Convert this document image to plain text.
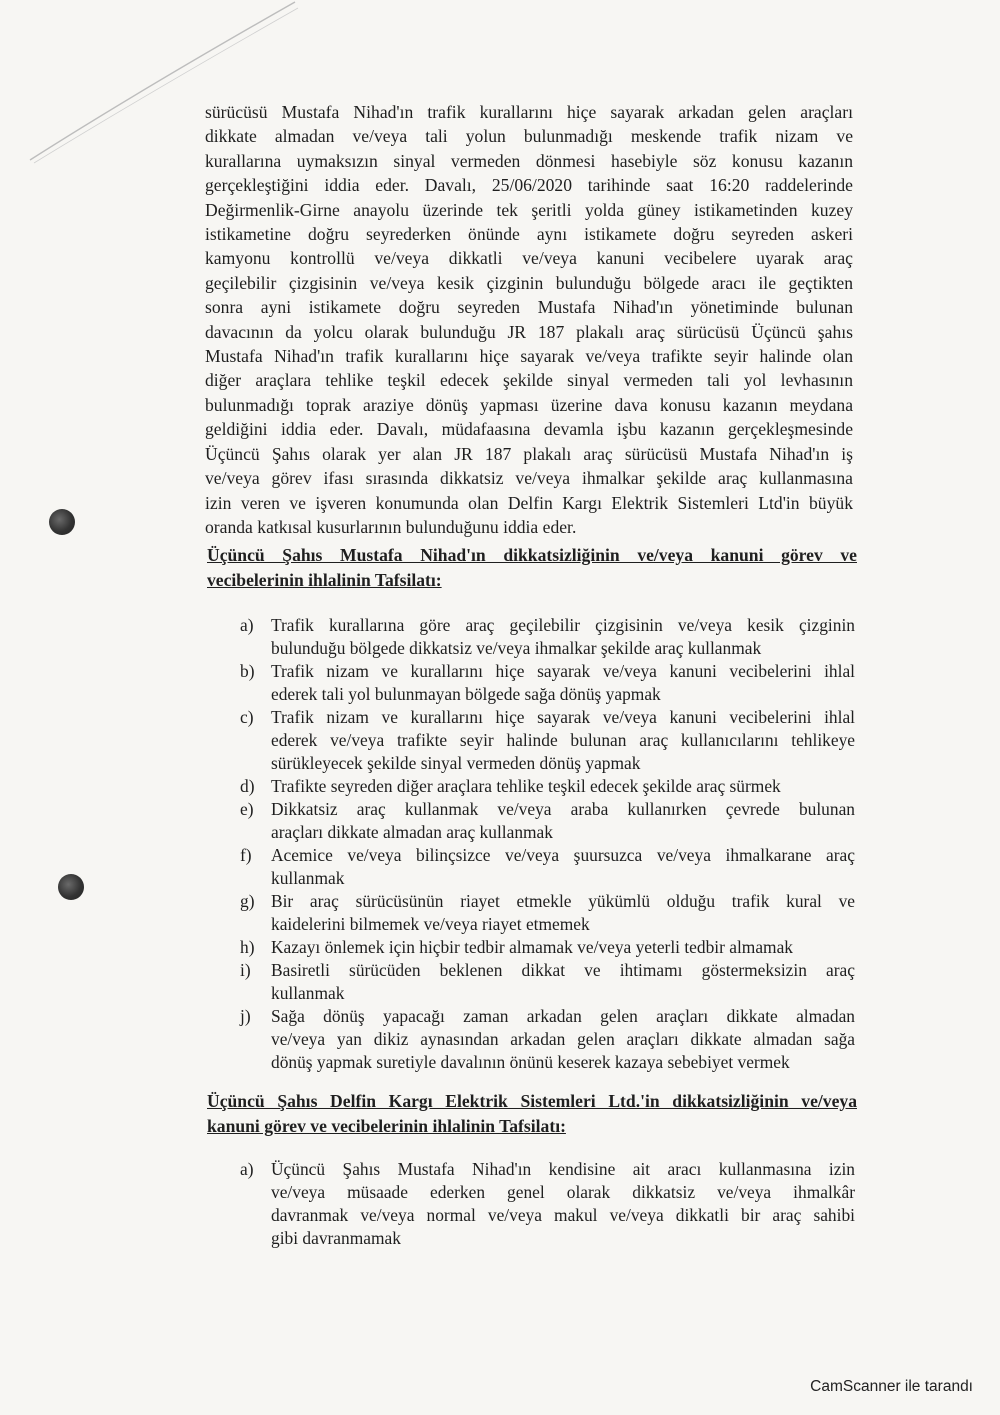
sürücüsü Mustafa Nihad'ın trafik kurallarını hiçe sayarak arkadan gelen araçları
dikkate almadan ve/veya tali yolun bulunmadığı meskende trafik nizam ve
kurallarına uymaksızın sinyal vermeden dönmesi hasebiyle söz konusu kazanın
gerçekleştiğini iddia eder. Davalı, 25/06/2020 tarihinde saat 16:20 raddelerinde
Değirmenlik-Girne anayolu üzerinde tek şeritli yolda güney istikametinden kuzey
istikametine doğru seyrederken önünde aynı istikamete doğru seyreden askeri
kamyonu kontrollü ve/veya dikkatli ve/veya kanuni vecibelere uyarak araç
geçilebilir çizgisinin ve/veya kesik çizginin bulunduğu bölgede aracı ile geçtikten
sonra ayni istikamete doğru seyreden Mustafa Nihad'ın yönetiminde bulunan
davacının da yolcu olarak bulunduğu JR 187 plakalı araç sürücüsü Üçüncü şahıs
Mustafa Nihad'ın trafik kurallarını hiçe sayarak ve/veya trafikte seyir halinde olan
diğer araçlara tehlike teşkil edecek şekilde sinyal vermeden tali yol levhasının
bulunmadığı toprak araziye dönüş yapması üzerine dava konusu kazanın meydana
geldiğini iddia eder. Davalı, müdafaasına devamla işbu kazanın gerçekleşmesinde
Üçüncü Şahıs olarak yer alan JR 187 plakalı araç sürücüsü Mustafa Nihad'ın iş
ve/veya görev ifası sırasında dikkatsiz ve/veya ihmalkar şekilde araç kullanmasına
izin veren ve işveren konumunda olan Delfin Kargı Elektrik Sistemleri Ltd'in büyük
oranda katkısal kusurlarının bulunduğunu iddia eder.
Üçüncü Şahıs Mustafa Nihad'ın dikkatsizliğinin ve/veya kanuni görev ve
vecibelerinin ihlalinin Tafsilatı:
a) Trafik kurallarına göre araç geçilebilir çizgisinin ve/veya kesik çizginin
bulunduğu bölgede dikkatsiz ve/veya ihmalkar şekilde araç kullanmak
b) Trafik nizam ve kurallarını hiçe sayarak ve/veya kanuni vecibelerini ihlal
ederek tali yol bulunmayan bölgede sağa dönüş yapmak
c) Trafik nizam ve kurallarını hiçe sayarak ve/veya kanuni vecibelerini ihlal
ederek ve/veya trafikte seyir halinde bulunan araç kullanıcılarını tehlikeye
sürükleyecek şekilde sinyal vermeden dönüş yapmak
d) Trafikte seyreden diğer araçlara tehlike teşkil edecek şekilde araç sürmek
e) Dikkatsiz araç kullanmak ve/veya araba kullanırken çevrede bulunan
araçları dikkate almadan araç kullanmak
f) Acemice ve/veya bilinçsizce ve/veya şuursuzca ve/veya ihmalkarane araç
kullanmak
g) Bir araç sürücüsünün riayet etmekle yükümlü olduğu trafik kural ve
kaidelerini bilmemek ve/veya riayet etmemek
h) Kazayı önlemek için hiçbir tedbir almamak ve/veya yeterli tedbir almamak
i) Basiretli sürücüden beklenen dikkat ve ihtimamı göstermeksizin araç
kullanmak
j) Sağa dönüş yapacağı zaman arkadan gelen araçları dikkate almadan
ve/veya yan dikiz aynasından arkadan gelen araçları dikkate almadan sağa
dönüş yapmak suretiyle davalının önünü keserek kazaya sebebiyet vermek
Üçüncü Şahıs Delfin Kargı Elektrik Sistemleri Ltd.'in dikkatsizliğinin ve/veya
kanuni görev ve vecibelerinin ihlalinin Tafsilatı:
a) Üçüncü Şahıs Mustafa Nihad'ın kendisine ait aracı kullanmasına izin
ve/veya müsaade ederken genel olarak dikkatsiz ve/veya ihmalkâr
davranmak ve/veya normal ve/veya makul ve/veya dikkatli bir araç sahibi
gibi davranmamak
CamScanner ile tarandı
